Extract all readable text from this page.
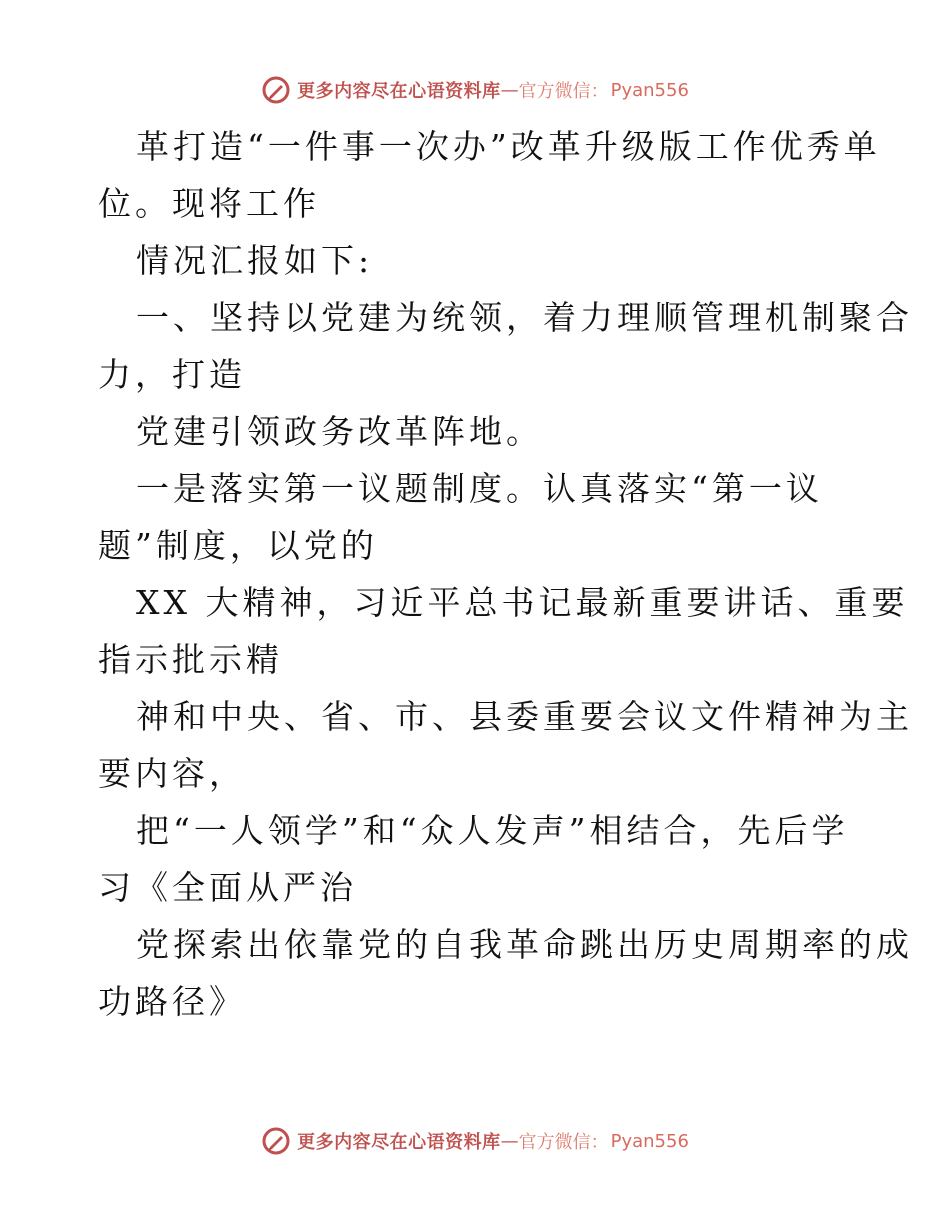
更多内容尽在心语资料库 — 官方微信： Pyan556
革打造“一件事一次办”改革升级版工作优秀单
位。现将工作
情况汇报如下:
一、坚持以党建为统领，着力理顺管理机制聚合
力，打造
党建引领政务改革阵地。
一是落实第一议题制度。认真落实“第一议
题”制度，以党的
XX 大精神，习近平总书记最新重要讲话、重要
指示批示精
神和中央、省、市、县委重要会议文件精神为主
要内容，
把“一人领学”和“众人发声”相结合，先后学
习《全面从严治
党探索出依靠党的自我革命跳出历史周期率的成
功路径》
更多内容尽在心语资料库 — 官方微信： Pyan556
